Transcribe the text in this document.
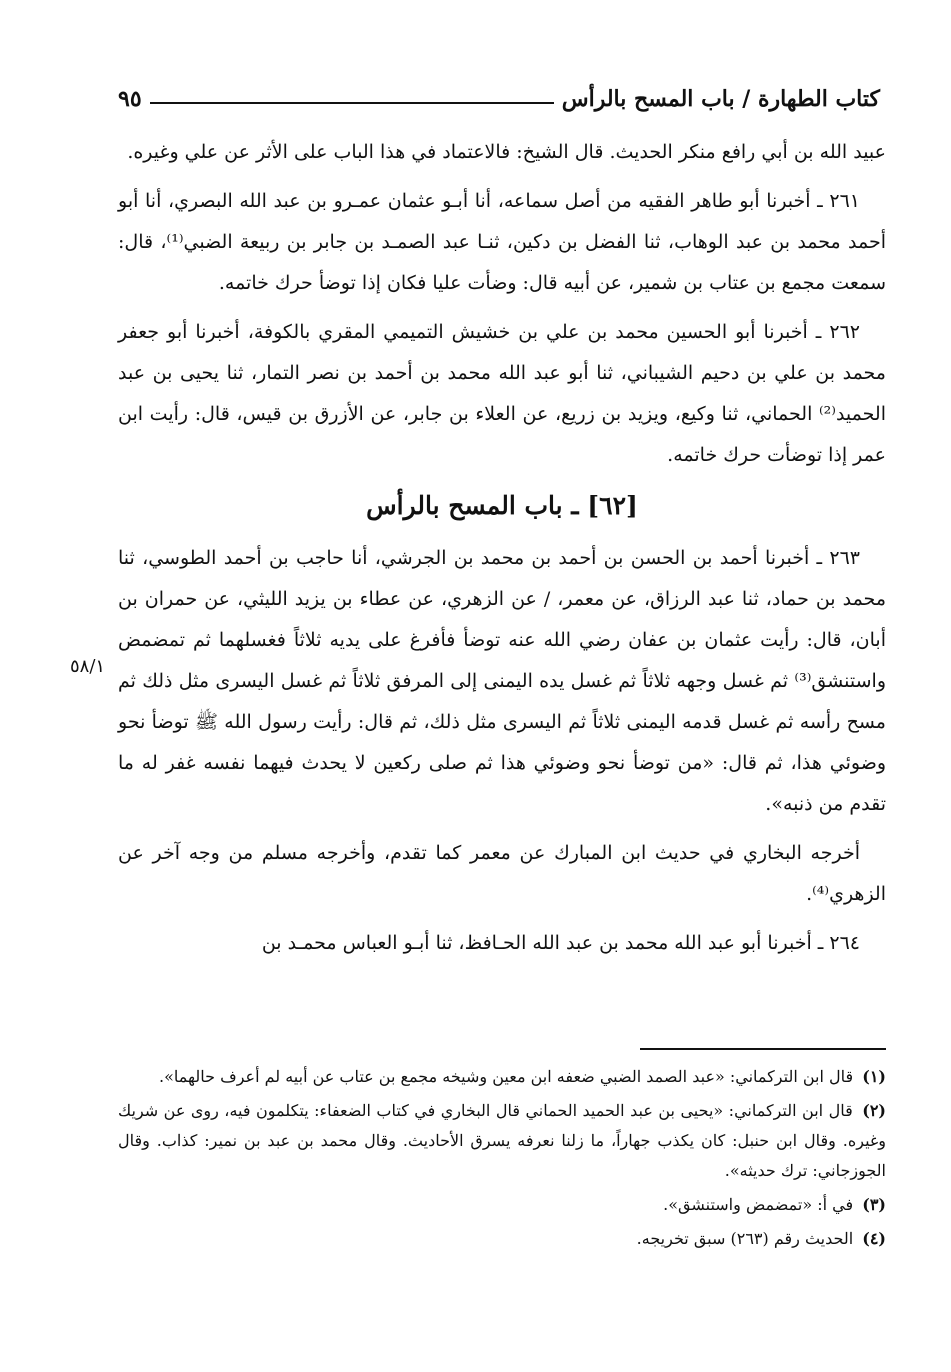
كتاب الطهارة / باب المسح بالرأس
٩٥

عبيد الله بن أبي رافع منكر الحديث. قال الشيخ: فالاعتماد في هذا الباب على الأثر عن علي وغيره.

٢٦١ ـ أخبرنا أبو طاهر الفقيه من أصل سماعه، أنا أبـو عثمان عمـرو بن عبد الله البصري، أنا أبو أحمد محمد بن عبد الوهاب، ثنا الفضل بن دكين، ثنـا عبد الصمـد بن جابر بن ربيعة الضبي⁽¹⁾، قال: سمعت مجمع بن عتاب بن شمير، عن أبيه قال: وضأت عليا فكان إذا توضأ حرك خاتمه.

٢٦٢ ـ أخبرنا أبو الحسين محمد بن علي بن خشيش التميمي المقري بالكوفة، أخبرنا أبو جعفر محمد بن علي بن دحيم الشيباني، ثنا أبو عبد الله محمد بن أحمد بن نصر التمار، ثنا يحيى بن عبد الحميد⁽²⁾ الحماني، ثنا وكيع، ويزيد بن زريع، عن العلاء بن جابر، عن الأزرق بن قيس، قال: رأيت ابن عمر إذا توضأت حرك خاتمه.

[٦٢] ـ باب المسح بالرأس

٢٦٣ ـ أخبرنا أحمد بن الحسن بن أحمد بن محمد بن الجرشي، أنا حاجب بن أحمد الطوسي، ثنا محمد بن حماد، ثنا عبد الرزاق، عن معمر، / عن الزهري، عن عطاء بن يزيد الليثي، عن حمران بن أبان، قال: رأيت عثمان بن عفان رضي الله عنه توضأ فأفرغ على يديه ثلاثاً فغسلهما ثم تمضمض واستنشق⁽³⁾ ثم غسل وجهه ثلاثاً ثم غسل يده اليمنى إلى المرفق ثلاثاً ثم غسل اليسرى مثل ذلك ثم مسح رأسه ثم غسل قدمه اليمنى ثلاثاً ثم اليسرى مثل ذلك، ثم قال: رأيت رسول الله ﷺ توضأ نحو وضوئي هذا، ثم قال: «من توضأ نحو وضوئي هذا ثم صلى ركعين لا يحدث فيهما نفسه غفر له ما تقدم من ذنبه».

أخرجه البخاري في حديث ابن المبارك عن معمر كما تقدم، وأخرجه مسلم من وجه آخر عن الزهري⁽⁴⁾.

٢٦٤ ـ أخبرنا أبو عبد الله محمد بن عبد الله الحـافظ، ثنا أبـو العباس محمـد بن

٥٨/١

(١) قال ابن التركماني: «عبد الصمد الضبي ضعفه ابن معين وشيخه مجمع بن عتاب عن أبيه لم أعرف حالهما».

(٢) قال ابن التركماني: «يحيى بن عبد الحميد الحماني قال البخاري في كتاب الضعفاء: يتكلمون فيه، روى عن شريك وغيره. وقال ابن حنبل: كان يكذب جهاراً، ما زلنا نعرفه يسرق الأحاديث. وقال محمد بن عبد بن نمير: كذاب. وقال الجوزجاني: ترك حديثه».

(٣) في أ: «تمضمض واستنشق».

(٤) الحديث رقم (٢٦٣) سبق تخريجه.
